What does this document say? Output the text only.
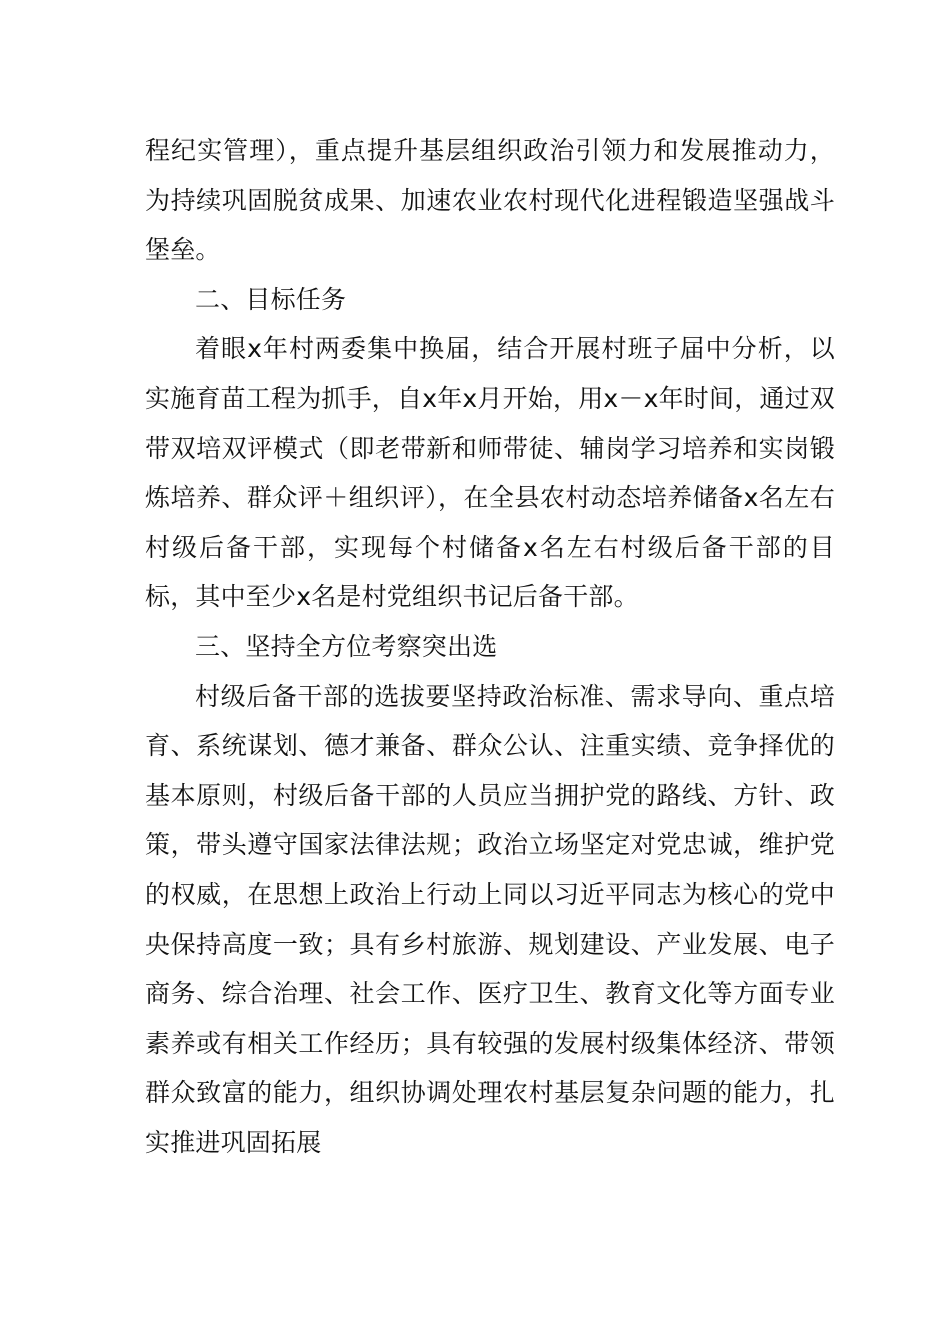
程纪实管理），重点提升基层组织政治引领力和发展推动力，为持续巩固脱贫成果、加速农业农村现代化进程锻造坚强战斗堡垒。

二、目标任务

着眼x年村两委集中换届，结合开展村班子届中分析，以实施育苗工程为抓手，自x年x月开始，用x－x年时间，通过双带双培双评模式（即老带新和师带徒、辅岗学习培养和实岗锻炼培养、群众评＋组织评），在全县农村动态培养储备x名左右村级后备干部，实现每个村储备x名左右村级后备干部的目标，其中至少x名是村党组织书记后备干部。

三、坚持全方位考察突出选

村级后备干部的选拔要坚持政治标准、需求导向、重点培育、系统谋划、德才兼备、群众公认、注重实绩、竞争择优的基本原则，村级后备干部的人员应当拥护党的路线、方针、政策，带头遵守国家法律法规；政治立场坚定对党忠诚，维护党的权威，在思想上政治上行动上同以习近平同志为核心的党中央保持高度一致；具有乡村旅游、规划建设、产业发展、电子商务、综合治理、社会工作、医疗卫生、教育文化等方面专业素养或有相关工作经历；具有较强的发展村级集体经济、带领群众致富的能力，组织协调处理农村基层复杂问题的能力，扎实推进巩固拓展
